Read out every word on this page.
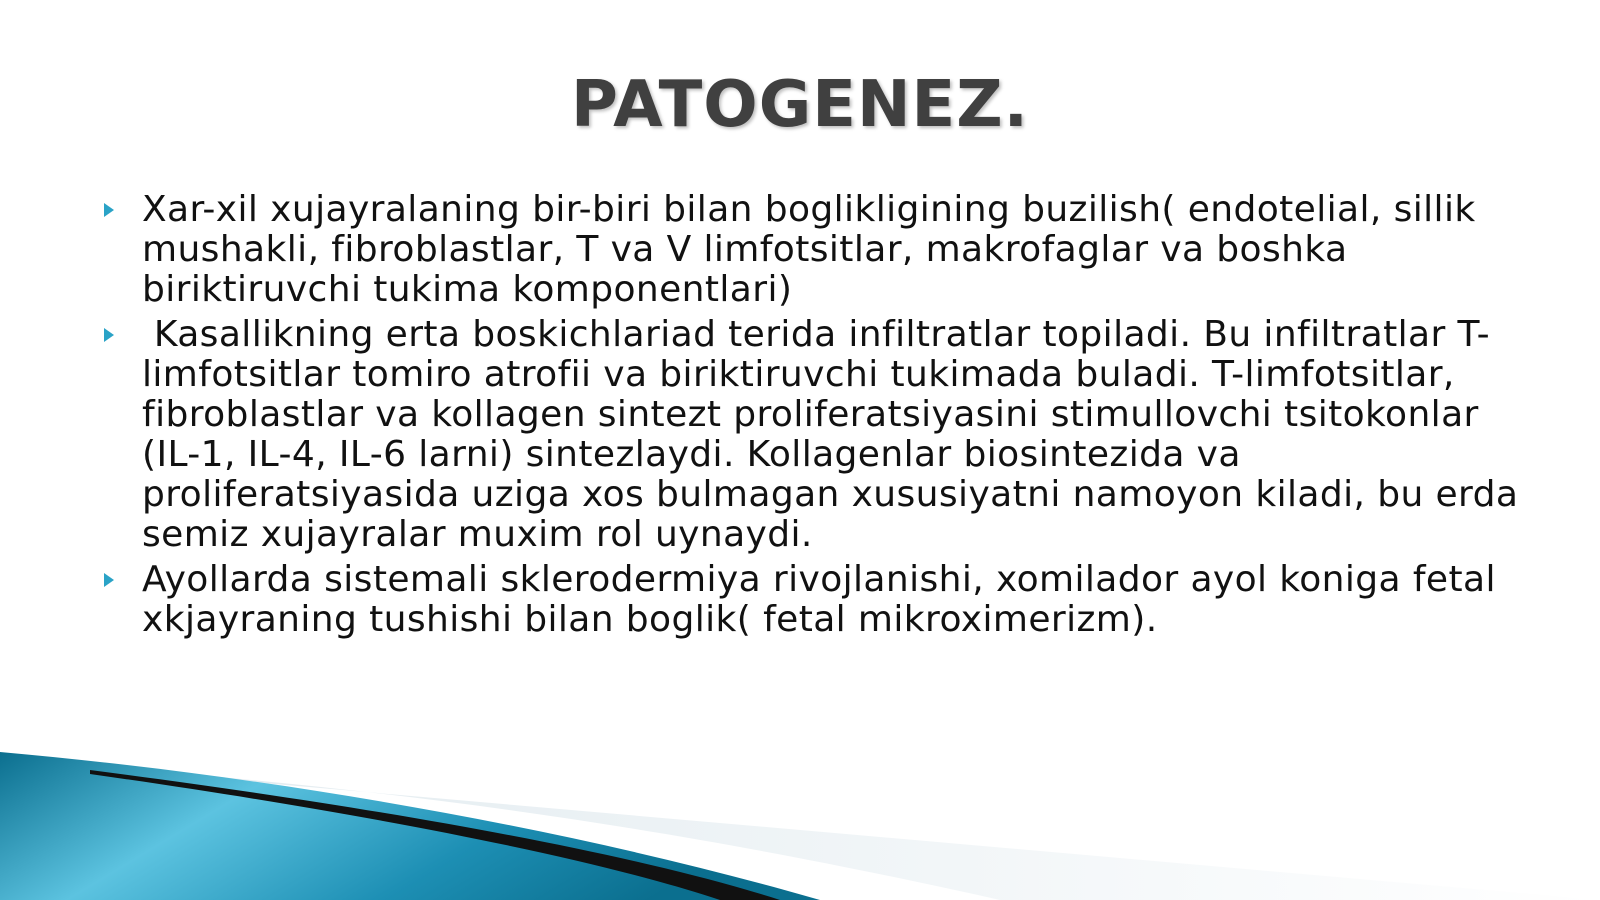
PATOGENEZ.
Xar-xil xujayralaning bir-biri bilan boglikligining buzilish( endotelial, sillik mushakli, fibroblastlar, T va V limfotsitlar, makrofaglar va boshka biriktiruvchi tukima komponentlari)
Kasallikning erta boskichlariad terida infiltratlar topiladi. Bu infiltratlar T-limfotsitlar tomiro atrofii va biriktiruvchi tukimada buladi. T-limfotsitlar, fibroblastlar va kollagen sintezt proliferatsiyasini stimullovchi tsitokonlar (IL-1, IL-4, IL-6 larni) sintezlaydi. Kollagenlar biosintezida va proliferatsiyasida uziga xos bulmagan xususiyatni namoyon kiladi, bu erda semiz xujayralar muxim rol uynaydi.
Ayollarda sistemali sklerodermiya rivojlanishi, xomilador ayol koniga fetal xkjayraning tushishi bilan boglik( fetal mikroximerizm).
